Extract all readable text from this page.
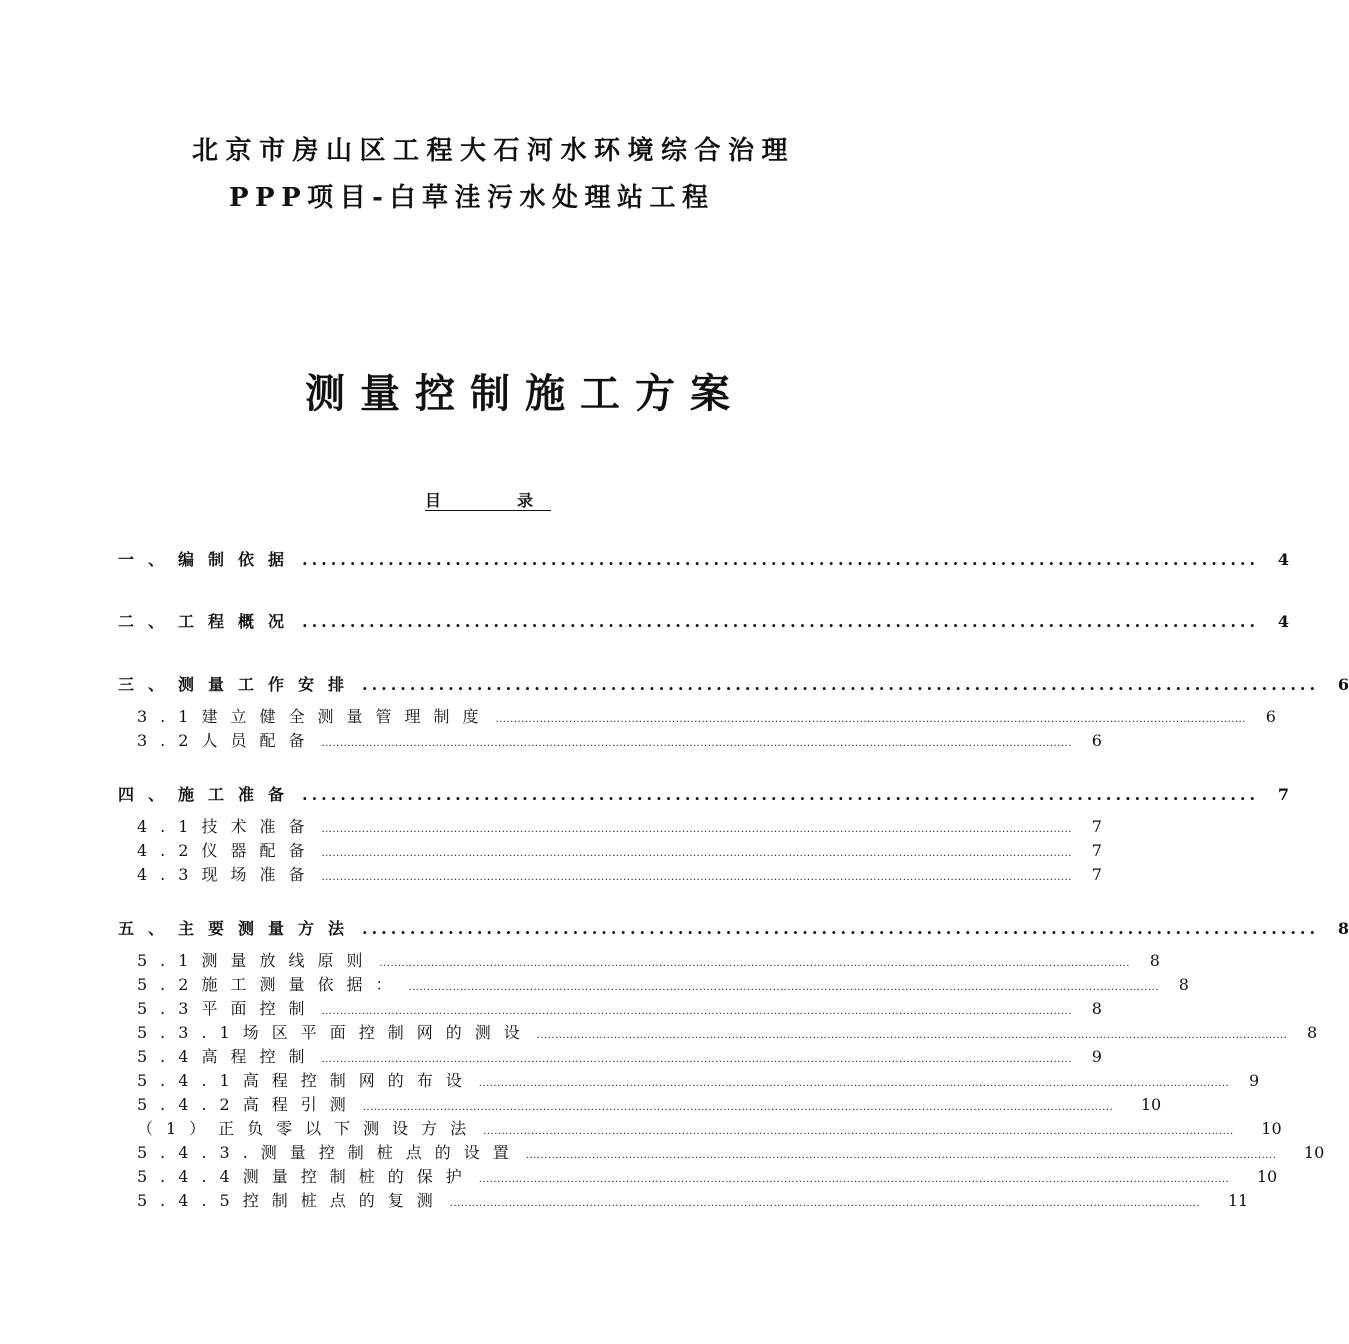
北京市房山区工程大石河水环境综合治理
PPP项目-白草洼污水处理站工程
测量控制施工方案
目	录
一、编制依据 ....................................................................................................	4
二、工程概况 ....................................................................................................	4
三、测量工作安排 ....................................................................................................	6
3.1建立健全测量管理制度 ............................................................................................................................................................................................................	6
3.2人员配备 ............................................................................................................................................................................................................	6
四、施工准备 ....................................................................................................	7
4.1技术准备 ............................................................................................................................................................................................................	7
4.2仪器配备 ............................................................................................................................................................................................................	7
4.3现场准备 ............................................................................................................................................................................................................	7
五、主要测量方法 ....................................................................................................	8
5.1测量放线原则 ............................................................................................................................................................................................................	8
5.2施工测量依据： ............................................................................................................................................................................................................	8
5.3平面控制 ............................................................................................................................................................................................................	8
5.3.1场区平面控制网的测设 ............................................................................................................................................................................................................	8
5.4高程控制 ............................................................................................................................................................................................................	9
5.4.1高程控制网的布设 ............................................................................................................................................................................................................	9
5.4.2高程引测 ............................................................................................................................................................................................................	10
（1）正负零以下测设方法 ............................................................................................................................................................................................................	10
5.4.3.测量控制桩点的设置 ............................................................................................................................................................................................................	10
5.4.4测量控制桩的保护 ............................................................................................................................................................................................................	10
5.4.5控制桩点的复测 ............................................................................................................................................................................................................	11
